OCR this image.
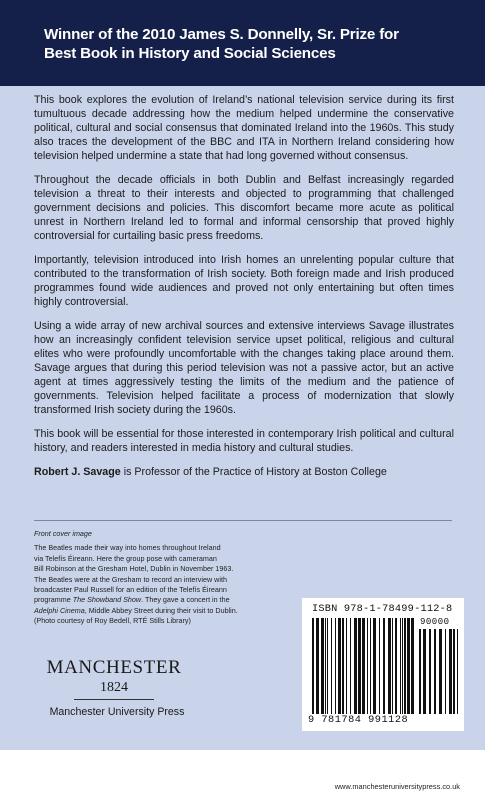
Winner of the 2010 James S. Donnelly, Sr. Prize for
Best Book in History and Social Sciences

This book explores the evolution of Ireland’s national television service during its first tumultuous decade addressing how the medium helped undermine the conservative political, cultural and social consensus that dominated Ireland into the 1960s. This study also traces the development of the BBC and ITA in Northern Ireland considering how television helped undermine a state that had long governed without consensus.

Throughout the decade officials in both Dublin and Belfast increasingly regarded television a threat to their interests and objected to programming that challenged government decisions and policies. This discomfort became more acute as political unrest in Northern Ireland led to formal and informal censorship that proved highly controversial for curtailing basic press freedoms.

Importantly, television introduced into Irish homes an unrelenting popular culture that contributed to the transformation of Irish society. Both foreign made and Irish produced programmes found wide audiences and proved not only entertaining but often times highly controversial.

Using a wide array of new archival sources and extensive interviews Savage illustrates how an increasingly confident television service upset political, religious and cultural elites who were profoundly uncomfortable with the changes taking place around them. Savage argues that during this period television was not a passive actor, but an active agent at times aggressively testing the limits of the medium and the patience of governments. Television helped facilitate a process of modernization that slowly transformed Irish society during the 1960s.

This book will be essential for those interested in contemporary Irish political and cultural history, and readers interested in media history and cultural studies.

Robert J. Savage is Professor of the Practice of History at Boston College

Front cover image
The Beatles made their way into homes throughout Ireland
via Telefís Éireann. Here the group pose with cameraman
Bill Robinson at the Gresham Hotel, Dublin in November 1963.
The Beatles were at the Gresham to record an interview with
broadcaster Paul Russell for an edition of the Telefís Éireann
programme The Showband Show. They gave a concert in the
Adelphi Cinema, Middle Abbey Street during their visit to Dublin.
(Photo courtesy of Roy Bedell, RTÉ Stills Library)
ISBN 978-1-78499-112-8
90000
9 781784 991128
www.manchesteruniversitypress.co.uk
MANCHESTER
1824
Manchester University Press
